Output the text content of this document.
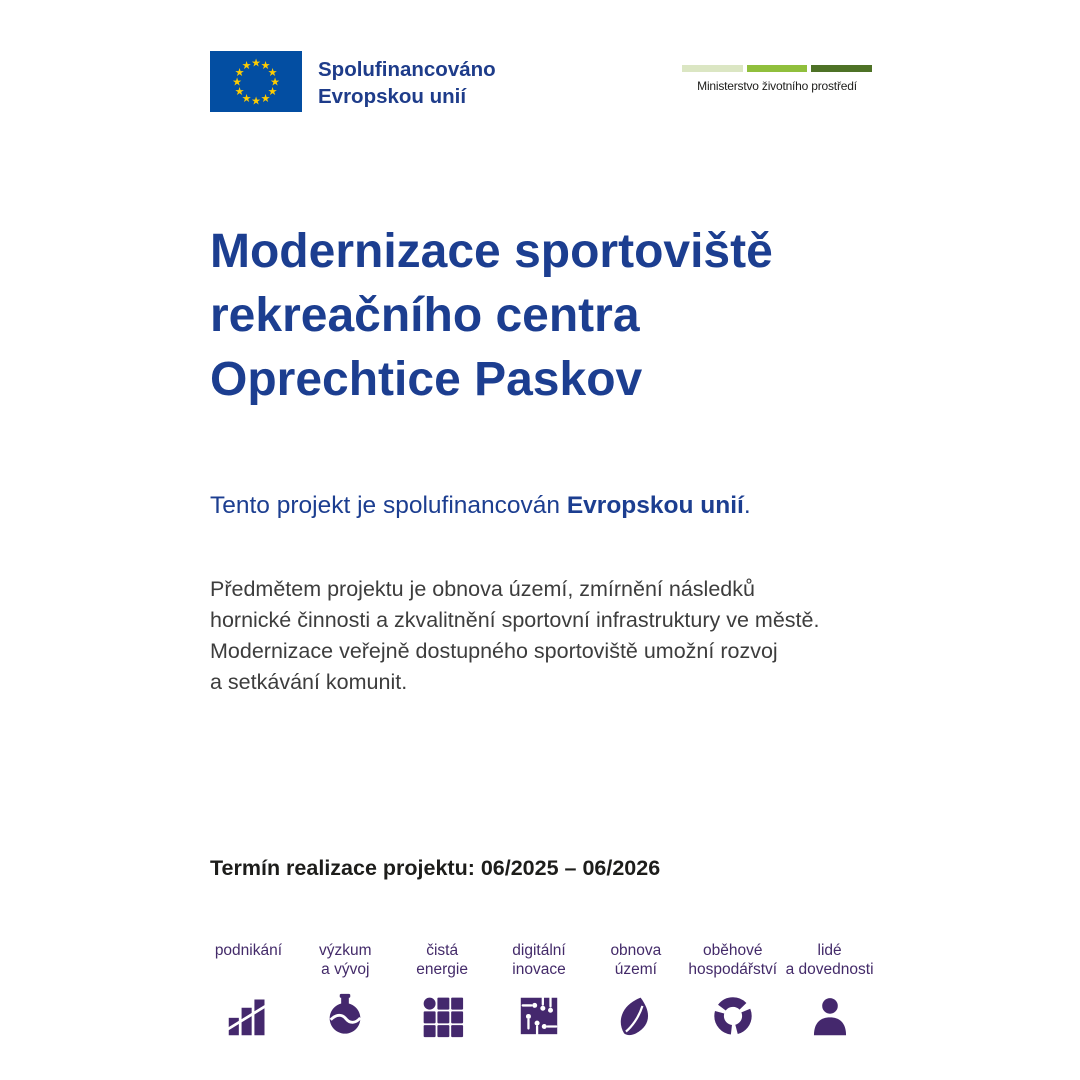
★ ★
★
★
★
★
★
★
★
★
★
★	Spolufinancováno
Evropskou unií	Ministerstvo životního prostředí
Modernizace sportoviště
rekreačního centra
Oprechtice Paskov
Tento projekt je spolufinancován Evropskou unií.
Předmětem projektu je obnova území, zmírnění následků
hornické činnosti a zkvalitnění sportovní infrastruktury ve městě.
Modernizace veřejně dostupného sportoviště umožní rozvoj
a setkávání komunit.
Termín realizace projektu: 06/2025 – 06/2026
podnikání	výzkum
a vývoj
čistá
energie
digitální
inovace
obnova
území
oběhové
hospodářství
lidé
a dovednosti
